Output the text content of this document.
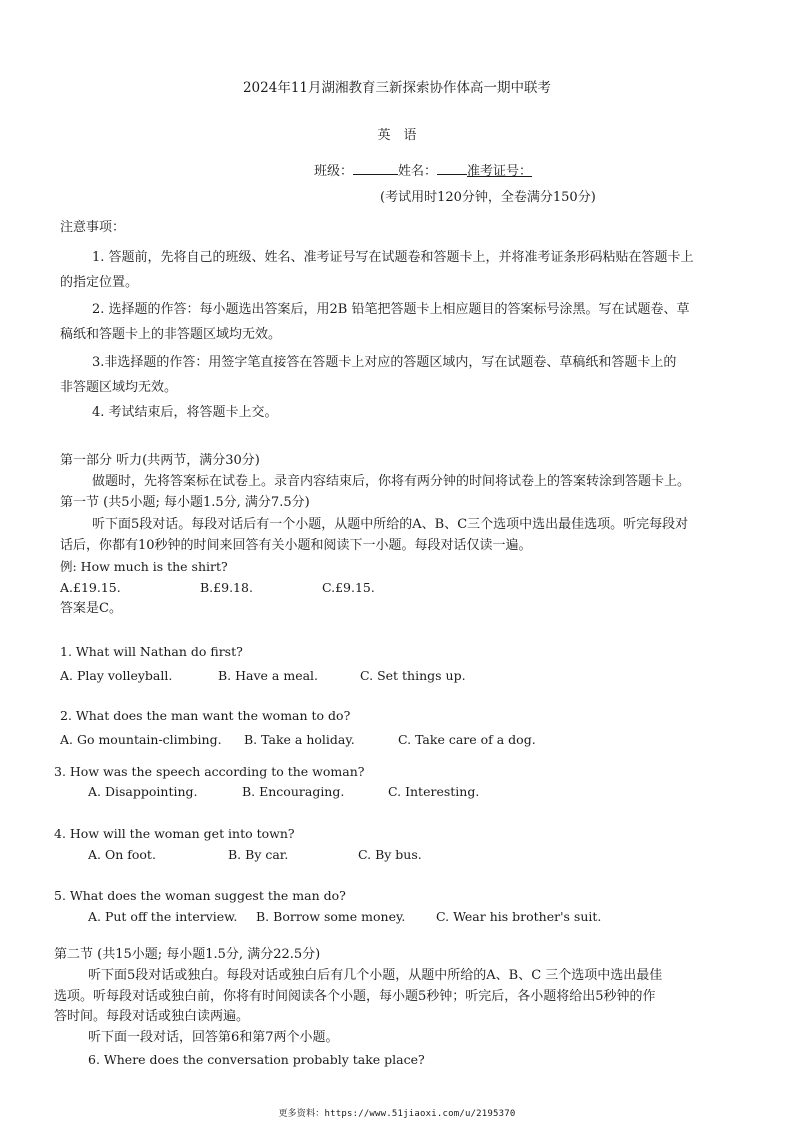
2024年11月湖湘教育三新探索协作体高一期中联考
英　语
班级：	姓名： 准考证号：
(考试用时120分钟，全卷满分150分)
注意事项：
1. 答题前，先将自己的班级、姓名、准考证号写在试题卷和答题卡上，并将准考证条形码粘贴在答题卡上
的指定位置。
2. 选择题的作答：每小题选出答案后，用2B 铅笔把答题卡上相应题目的答案标号涂黑。写在试题卷、草
稿纸和答题卡上的非答题区域均无效。
3.非选择题的作答：用签字笔直接答在答题卡上对应的答题区域内，写在试题卷、草稿纸和答题卡上的
非答题区域均无效。
4. 考试结束后，将答题卡上交。
第一部分 听力(共两节，满分30分)
做题时，先将答案标在试卷上。录音内容结束后，你将有两分钟的时间将试卷上的答案转涂到答题卡上。
第一节 (共5小题; 每小题1.5分, 满分7.5分)
听下面5段对话。每段对话后有一个小题，从题中所给的A、B、C三个选项中选出最佳选项。听完每段对
话后，你都有10秒钟的时间来回答有关小题和阅读下一小题。每段对话仅读一遍。
例: How much is the shirt?
A.£19.15.	B.£9.18.	C.£9.15.
答案是C。
1. What will Nathan do first?
A. Play volleyball.	B. Have a meal.	C. Set things up.
2. What does the man want the woman to do?
A. Go mountain-climbing. B. Take a holiday.	C. Take care of a dog.
3. How was the speech according to the woman?
A. Disappointing.	B. Encouraging.	C. Interesting.
4. How will the woman get into town?
A. On foot.	B. By car.	C. By bus.
5. What does the woman suggest the man do?
A. Put off the interview. B. Borrow some money. C. Wear his brother's suit.
第二节 (共15小题; 每小题1.5分, 满分22.5分)
听下面5段对话或独白。每段对话或独白后有几个小题，从题中所给的A、B、C 三个选项中选出最佳
选项。听每段对话或独白前，你将有时间阅读各个小题，每小题5秒钟；听完后，各小题将给出5秒钟的作
答时间。每段对话或独白读两遍。
听下面一段对话，回答第6和第7两个小题。
6. Where does the conversation probably take place?
更多资料：https://www.51jiaoxi.com/u/2195370
